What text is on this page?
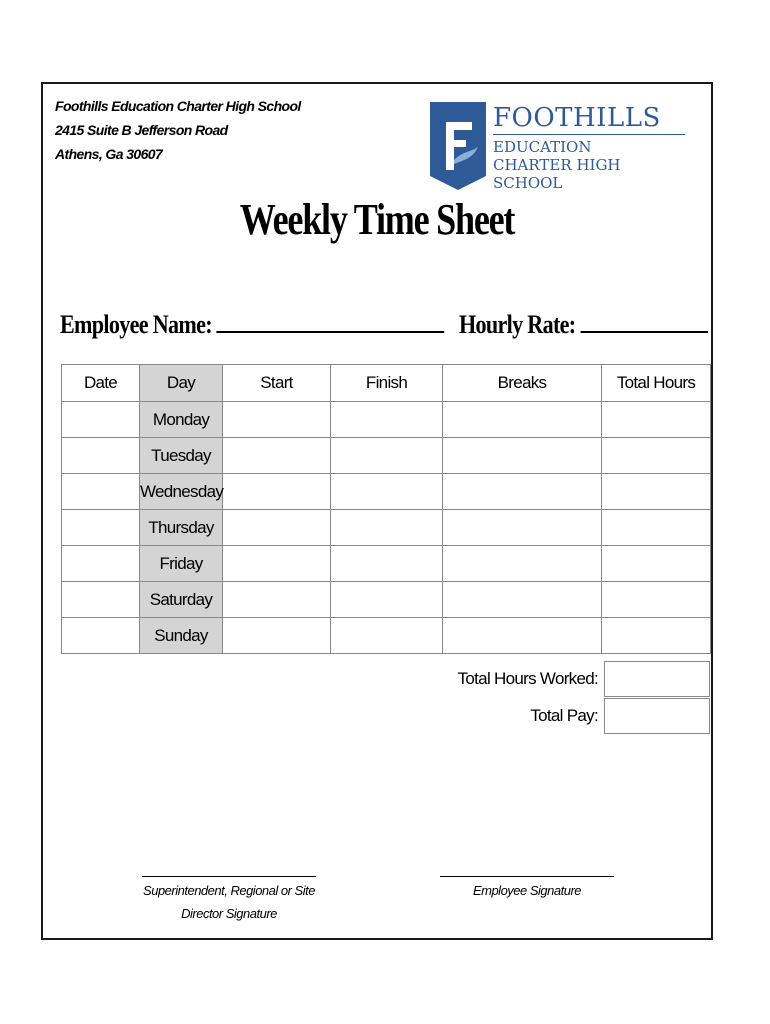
Foothills Education Charter High School
2415 Suite B Jefferson Road
Athens, Ga 30607
FOOTHILLS
EDUCATION
CHARTER HIGH SCHOOL
Weekly Time Sheet
Employee Name:	Hourly Rate:
Date	Day	Start	Finish	Breaks	Total Hours
	Monday				
	Tuesday				
	Wednesday				
	Thursday				
	Friday				
	Saturday				
	Sunday				
Total Hours Worked:
Total Pay:
Superintendent, Regional or Site
Director Signature
Employee Signature
